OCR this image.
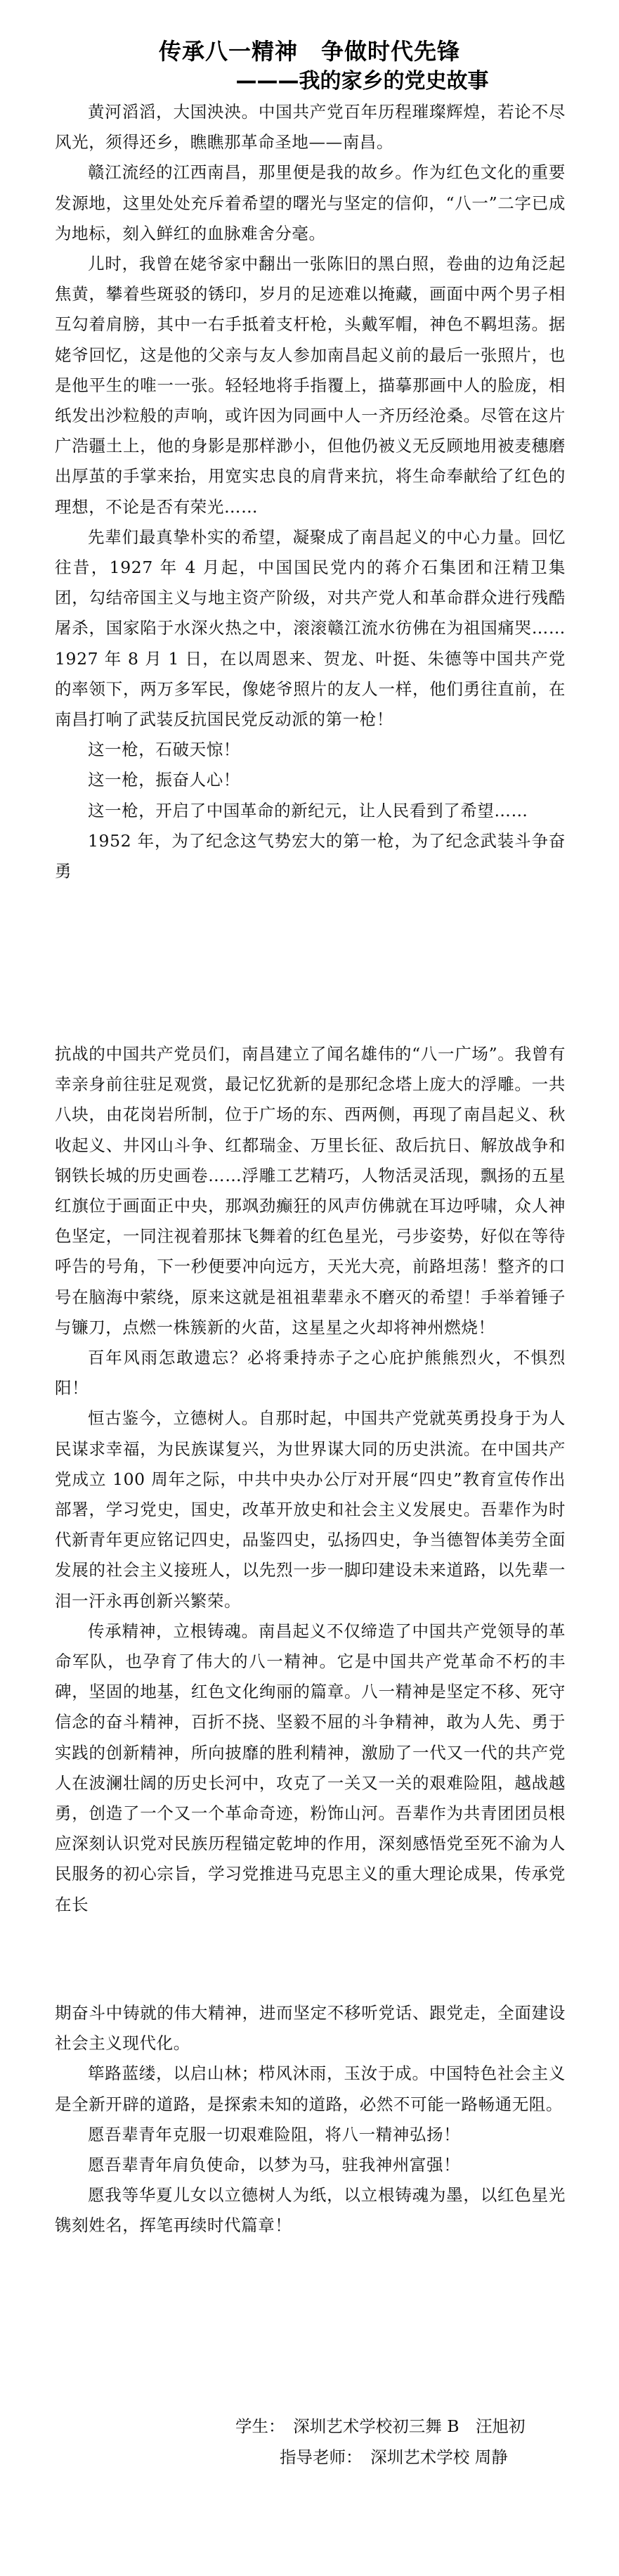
传承八一精神　争做时代先锋
———我的家乡的党史故事

黄河滔滔，大国泱泱。中国共产党百年历程璀璨辉煌，若论不尽风光，须得还乡，瞧瞧那革命圣地——南昌。

赣江流经的江西南昌，那里便是我的故乡。作为红色文化的重要发源地，这里处处充斥着希望的曙光与坚定的信仰，“八一”二字已成为地标，刻入鲜红的血脉难舍分毫。

儿时，我曾在姥爷家中翻出一张陈旧的黑白照，卷曲的边角泛起焦黄，攀着些斑驳的锈印，岁月的足迹难以掩藏，画面中两个男子相互勾着肩膀，其中一右手抵着支杆枪，头戴军帽，神色不羁坦荡。据姥爷回忆，这是他的父亲与友人参加南昌起义前的最后一张照片，也是他平生的唯一一张。轻轻地将手指覆上，描摹那画中人的脸庞，相纸发出沙粒般的声响，或许因为同画中人一齐历经沧桑。尽管在这片广浩疆土上，他的身影是那样渺小，但他仍被义无反顾地用被麦穗磨出厚茧的手掌来抬，用宽实忠良的肩背来抗，将生命奉献给了红色的理想，不论是否有荣光……

先辈们最真挚朴实的希望，凝聚成了南昌起义的中心力量。回忆往昔，1927 年 4 月起，中国国民党内的蒋介石集团和汪精卫集团，勾结帝国主义与地主资产阶级，对共产党人和革命群众进行残酷屠杀，国家陷于水深火热之中，滚滚赣江流水彷佛在为祖国痛哭……1927 年 8 月 1 日，在以周恩来、贺龙、叶挺、朱德等中国共产党的率领下，两万多军民，像姥爷照片的友人一样，他们勇往直前，在南昌打响了武装反抗国民党反动派的第一枪！

这一枪，石破天惊！

这一枪，振奋人心！

这一枪，开启了中国革命的新纪元，让人民看到了希望……

1952 年，为了纪念这气势宏大的第一枪，为了纪念武装斗争奋勇

抗战的中国共产党员们，南昌建立了闻名雄伟的“八一广场”。我曾有幸亲身前往驻足观赏，最记忆犹新的是那纪念塔上庞大的浮雕。一共八块，由花岗岩所制，位于广场的东、西两侧，再现了南昌起义、秋收起义、井冈山斗争、红都瑞金、万里长征、敌后抗日、解放战争和钢铁长城的历史画卷……浮雕工艺精巧，人物活灵活现，飘扬的五星红旗位于画面正中央，那飒劲癫狂的风声仿佛就在耳边呼啸，众人神色坚定，一同注视着那抹飞舞着的红色星光，弓步姿势，好似在等待呼告的号角，下一秒便要冲向远方，天光大亮，前路坦荡！整齐的口号在脑海中萦绕，原来这就是祖祖辈辈永不磨灭的希望！手举着锤子与镰刀，点燃一株簇新的火苗，这星星之火却将神州燃烧！

百年风雨怎敢遗忘？必将秉持赤子之心庇护熊熊烈火，不惧烈阳！

恒古鉴今，立德树人。自那时起，中国共产党就英勇投身于为人民谋求幸福，为民族谋复兴，为世界谋大同的历史洪流。在中国共产党成立 100 周年之际，中共中央办公厅对开展“四史”教育宣传作出部署，学习党史，国史，改革开放史和社会主义发展史。吾辈作为时代新青年更应铭记四史，品鉴四史，弘扬四史，争当德智体美劳全面发展的社会主义接班人，以先烈一步一脚印建设未来道路，以先辈一泪一汗永再创新兴繁荣。

传承精神，立根铸魂。南昌起义不仅缔造了中国共产党领导的革命军队，也孕育了伟大的八一精神。它是中国共产党革命不朽的丰碑，坚固的地基，红色文化绚丽的篇章。八一精神是坚定不移、死守信念的奋斗精神，百折不挠、坚毅不屈的斗争精神，敢为人先、勇于实践的创新精神，所向披靡的胜利精神，激励了一代又一代的共产党人在波澜壮阔的历史长河中，攻克了一关又一关的艰难险阻，越战越勇，创造了一个又一个革命奇迹，粉饰山河。吾辈作为共青团团员根应深刻认识党对民族历程锚定乾坤的作用，深刻感悟党至死不渝为人民服务的初心宗旨，学习党推进马克思主义的重大理论成果，传承党在长

期奋斗中铸就的伟大精神，进而坚定不移听党话、跟党走，全面建设社会主义现代化。

筚路蓝缕，以启山林；栉风沐雨，玉汝于成。中国特色社会主义是全新开辟的道路，是探索未知的道路，必然不可能一路畅通无阻。

愿吾辈青年克服一切艰难险阻，将八一精神弘扬！

愿吾辈青年肩负使命，以梦为马，驻我神州富强！

愿我等华夏儿女以立德树人为纸，以立根铸魂为墨，以红色星光镌刻姓名，挥笔再续时代篇章！

学生：　深圳艺术学校初三舞 B　汪旭初
指导老师：　深圳艺术学校 周静
